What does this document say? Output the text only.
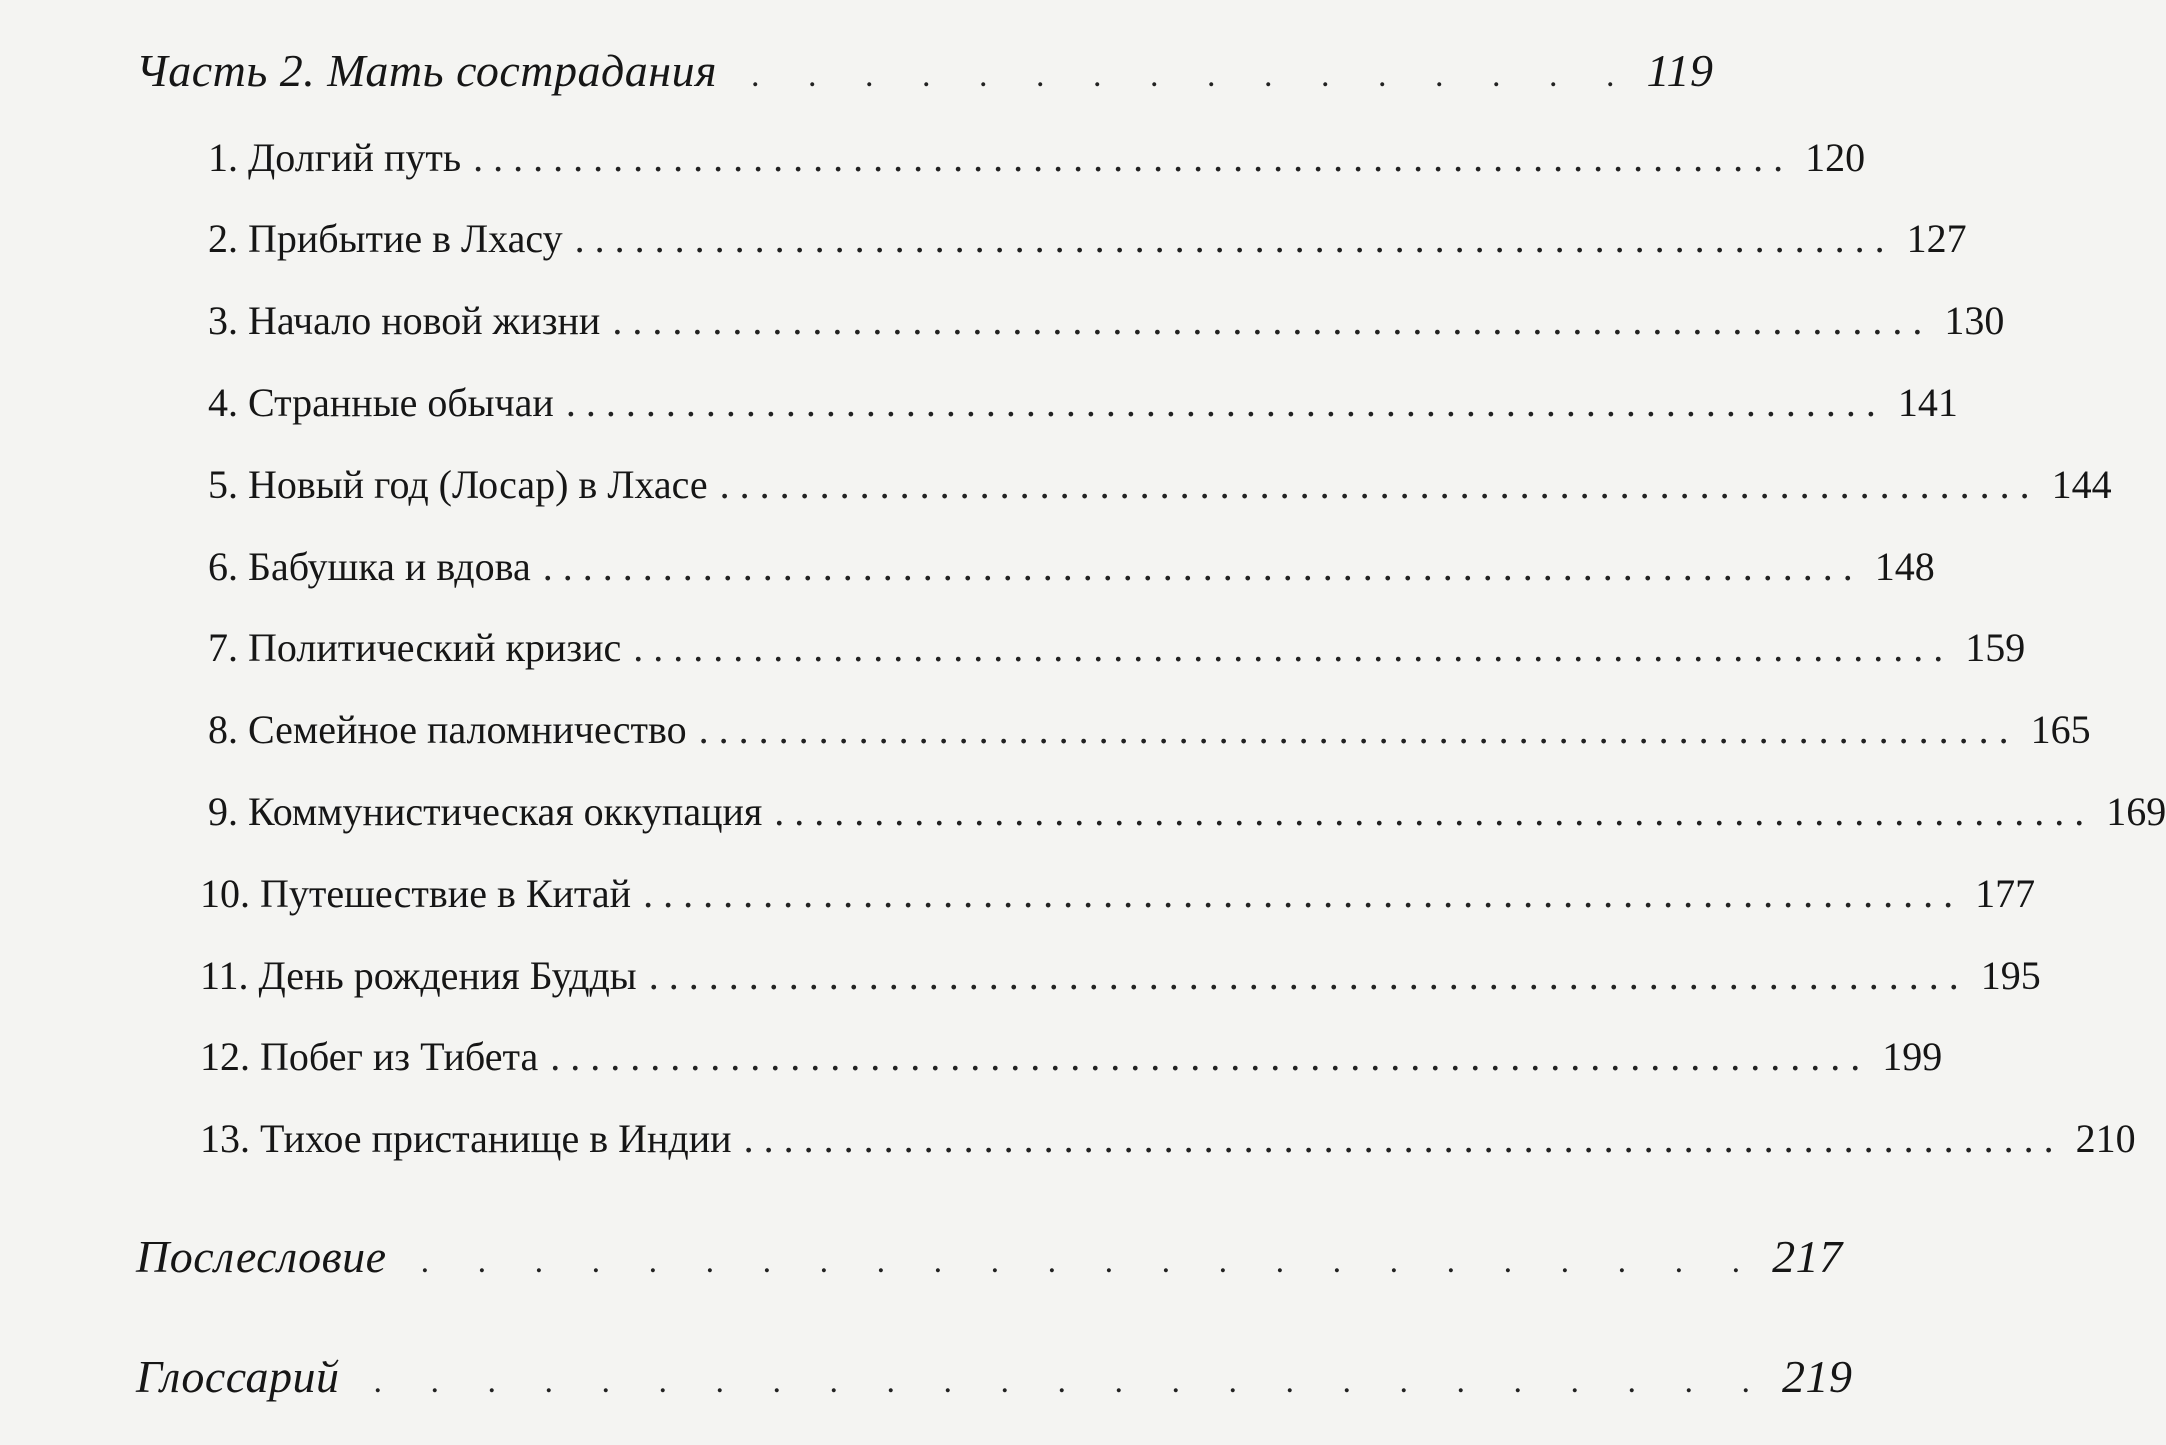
Часть 2. Мать сострадания . . . . . . . . . . . . . . . . 119
1. Долгий путь .................................................................. 120
2. Прибытие в Лхасу .................................................................. 127
3. Начало новой жизни .................................................................. 130
4. Странные обычаи .................................................................. 141
5. Новый год (Лосар) в Лхасе .................................................................. 144
6. Бабушка и вдова .................................................................. 148
7. Политический кризис .................................................................. 159
8. Семейное паломничество .................................................................. 165
9. Коммунистическая оккупация .................................................................. 169
10. Путешествие в Китай .................................................................. 177
11. День рождения Будды .................................................................. 195
12. Побег из Тибета .................................................................. 199
13. Тихое пристанище в Индии .................................................................. 210
Послесловие . . . . . . . . . . . . . . . . . . . . . . . . 217
Глоссарий . . . . . . . . . . . . . . . . . . . . . . . . . 219
